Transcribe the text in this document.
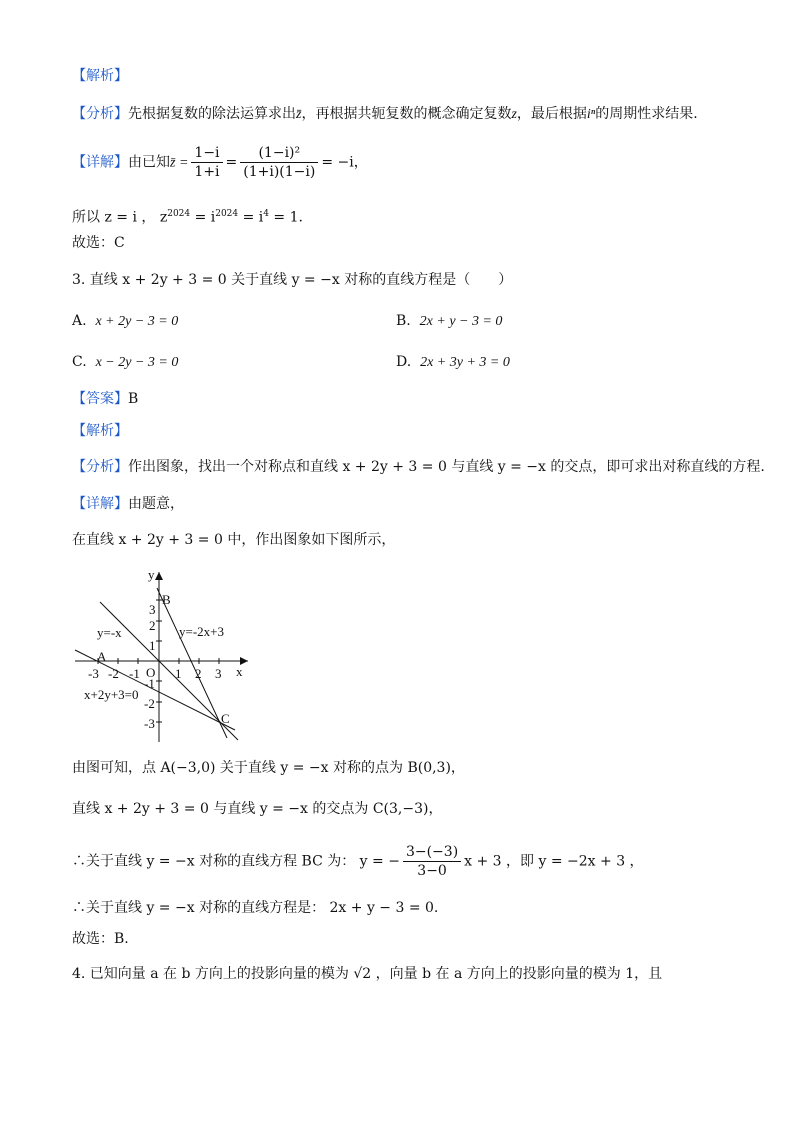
【解析】
【分析】先根据复数的除法运算求出z̄，再根据共轭复数的概念确定复数z，最后根据iⁿ的周期性求结果.
【详解】由已知z̄ = $\frac{1-i}{1+i} = \frac{\text{(1−i)²}}{(1+i)(1-i)} = -i$，
所以 z = i ， $z^{2024} = i^{2024} = i^4 = 1$.
故选：C
3. 直线 x + 2y + 3 = 0 关于直线 y = −x 对称的直线方程是（　　）
A. x + 2y − 3 = 0	B. 2x + y − 3 = 0
C. x − 2y − 3 = 0	D. 2x + 3y + 3 = 0
【答案】B
【解析】
【分析】作出图象，找出一个对称点和直线 x + 2y + 3 = 0 与直线 y = −x 的交点，即可求出对称直线的方程.
【详解】由题意，
在直线 x + 2y + 3 = 0 中，作出图象如下图所示，
y
x
O
A
B
C
y=-x	y=-2x+3
x+2y+3=0
-3 -2 -1	1 2 3
3
2
1
-1
-2
-3
由图可知，点 A(−3,0) 关于直线 y = −x 对称的点为 B(0,3)，
直线 x + 2y + 3 = 0 与直线 y = −x 的交点为 C(3,−3)，
∴关于直线 y = −x 对称的直线方程 BC 为： y = − $\frac{3-(-3)}{3-0}$ x + 3 ，即 y = −2x + 3 ，
∴关于直线 y = −x 对称的直线方程是： 2x + y − 3 = 0.
故选：B.
4. 已知向量 a 在 b 方向上的投影向量的模为 √2 ，向量 b 在 a 方向上的投影向量的模为 1，且
